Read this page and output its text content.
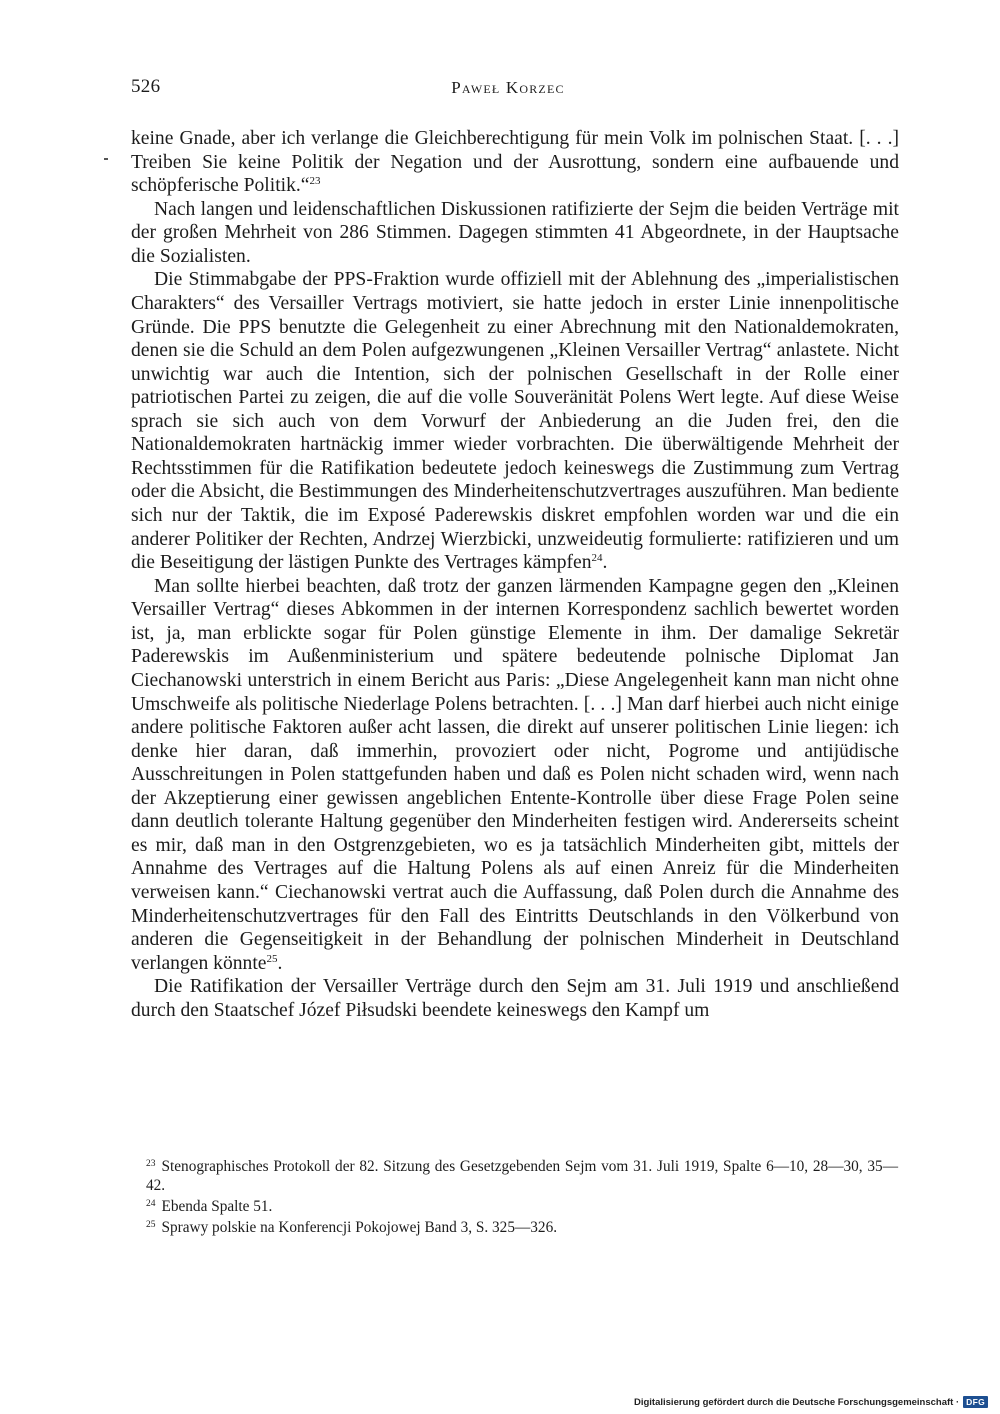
526	Paweł Korzec

keine Gnade, aber ich verlange die Gleichberechtigung für mein Volk im polnischen Staat. [. . .] Treiben Sie keine Politik der Negation und der Ausrottung, sondern eine aufbauende und schöpferische Politik.“$^{23}$

Nach langen und leidenschaftlichen Diskussionen ratifizierte der Sejm die beiden Verträge mit der großen Mehrheit von 286 Stimmen. Dagegen stimmten 41 Abgeordnete, in der Hauptsache die Sozialisten.

Die Stimmabgabe der PPS-Fraktion wurde offiziell mit der Ablehnung des „imperialistischen Charakters“ des Versailler Vertrags motiviert, sie hatte jedoch in erster Linie innenpolitische Gründe. Die PPS benutzte die Gelegenheit zu einer Abrechnung mit den Nationaldemokraten, denen sie die Schuld an dem Polen aufgezwungenen „Kleinen Versailler Vertrag“ anlastete. Nicht unwichtig war auch die Intention, sich der polnischen Gesellschaft in der Rolle einer patriotischen Partei zu zeigen, die auf die volle Souveränität Polens Wert legte. Auf diese Weise sprach sie sich auch von dem Vorwurf der Anbiederung an die Juden frei, den die Nationaldemokraten hartnäckig immer wieder vorbrachten. Die überwältigende Mehrheit der Rechtsstimmen für die Ratifikation bedeutete jedoch keineswegs die Zustimmung zum Vertrag oder die Absicht, die Bestimmungen des Minderheitenschutzvertrages auszuführen. Man bediente sich nur der Taktik, die im Exposé Paderewskis diskret empfohlen worden war und die ein anderer Politiker der Rechten, Andrzej Wierzbicki, unzweideutig formulierte: ratifizieren und um die Beseitigung der lästigen Punkte des Vertrages kämpfen$^{24}$.

Man sollte hierbei beachten, daß trotz der ganzen lärmenden Kampagne gegen den „Kleinen Versailler Vertrag“ dieses Abkommen in der internen Korrespondenz sachlich bewertet worden ist, ja, man erblickte sogar für Polen günstige Elemente in ihm. Der damalige Sekretär Paderewskis im Außenministerium und spätere bedeutende polnische Diplomat Jan Ciechanowski unterstrich in einem Bericht aus Paris: „Diese Angelegenheit kann man nicht ohne Umschweife als politische Niederlage Polens betrachten. [. . .] Man darf hierbei auch nicht einige andere politische Faktoren außer acht lassen, die direkt auf unserer politischen Linie liegen: ich denke hier daran, daß immerhin, provoziert oder nicht, Pogrome und antijüdische Ausschreitungen in Polen stattgefunden haben und daß es Polen nicht schaden wird, wenn nach der Akzeptierung einer gewissen angeblichen Entente-Kontrolle über diese Frage Polen seine dann deutlich tolerante Haltung gegenüber den Minderheiten festigen wird. Andererseits scheint es mir, daß man in den Ostgrenzgebieten, wo es ja tatsächlich Minderheiten gibt, mittels der Annahme des Vertrages auf die Haltung Polens als auf einen Anreiz für die Minderheiten verweisen kann.“ Ciechanowski vertrat auch die Auffassung, daß Polen durch die Annahme des Minderheitenschutzvertrages für den Fall des Eintritts Deutschlands in den Völkerbund von anderen die Gegenseitigkeit in der Behandlung der polnischen Minderheit in Deutschland verlangen könnte$^{25}$.

Die Ratifikation der Versailler Verträge durch den Sejm am 31. Juli 1919 und anschließend durch den Staatschef Józef Piłsudski beendete keineswegs den Kampf um

$^{23}$ Stenographisches Protokoll der 82. Sitzung des Gesetzgebenden Sejm vom 31. Juli 1919, Spalte 6—10, 28—30, 35—42.

$^{24}$ Ebenda Spalte 51.

$^{25}$ Sprawy polskie na Konferencji Pokojowej Band 3, S. 325—326.

Digitalisierung gefördert durch die Deutsche Forschungsgemeinschaft · DFG
